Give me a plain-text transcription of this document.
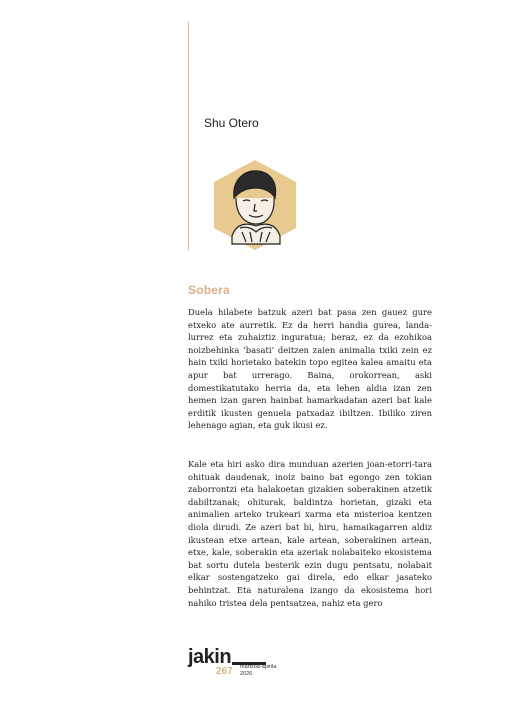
Shu Otero
Sobera

Duela hilabete batzuk azeri bat pasa zen gauez gure etxeko ate aurretik. Ez da herri handia gurea, landa-lurrez eta zuhaiztiz inguratua; beraz, ez da ezohikoa noizbehinka ‘basati’ deitzen zaien animalia txiki zein ez hain txiki horietako batekin topo egitea kalea amaitu eta apur bat urrerago. Baina, orokorrean, aski domestikatutako herria da, eta lehen aldia izan zen hemen izan garen hainbat hamarkadatan azeri bat kale erditik ikusten genuela patxadaz ibiltzen. Ibiliko ziren lehenago agian, eta guk ikusi ez.

Kale eta hiri asko dira munduan azerien joan-etorri-tara ohituak daudenak, inoiz baino bat egongo zen tokian zaborrontzi eta halakoetan gizakien soberakinen atzetik dabiltzanak; ohiturak, baldintza horietan, gizaki eta animalien arteko trukeari xarma eta misterioa kentzen diola dirudi. Ze azeri bat bi, hiru, hamaikagarren aldiz ikustean etxe artean, kale artean, soberakinen artean, etxe, kale, soberakin eta azeriak nolabaiteko ekosistema bat sortu dutela besterik ezin dugu pentsatu, nolabait elkar sostengatzeko gai direla, edo elkar jasateko behintzat. Eta naturalena izango da ekosistema hori nahiko tristea dela pentsatzea, nahiz eta gero

jakin
267 martxoa-apirila
2026
